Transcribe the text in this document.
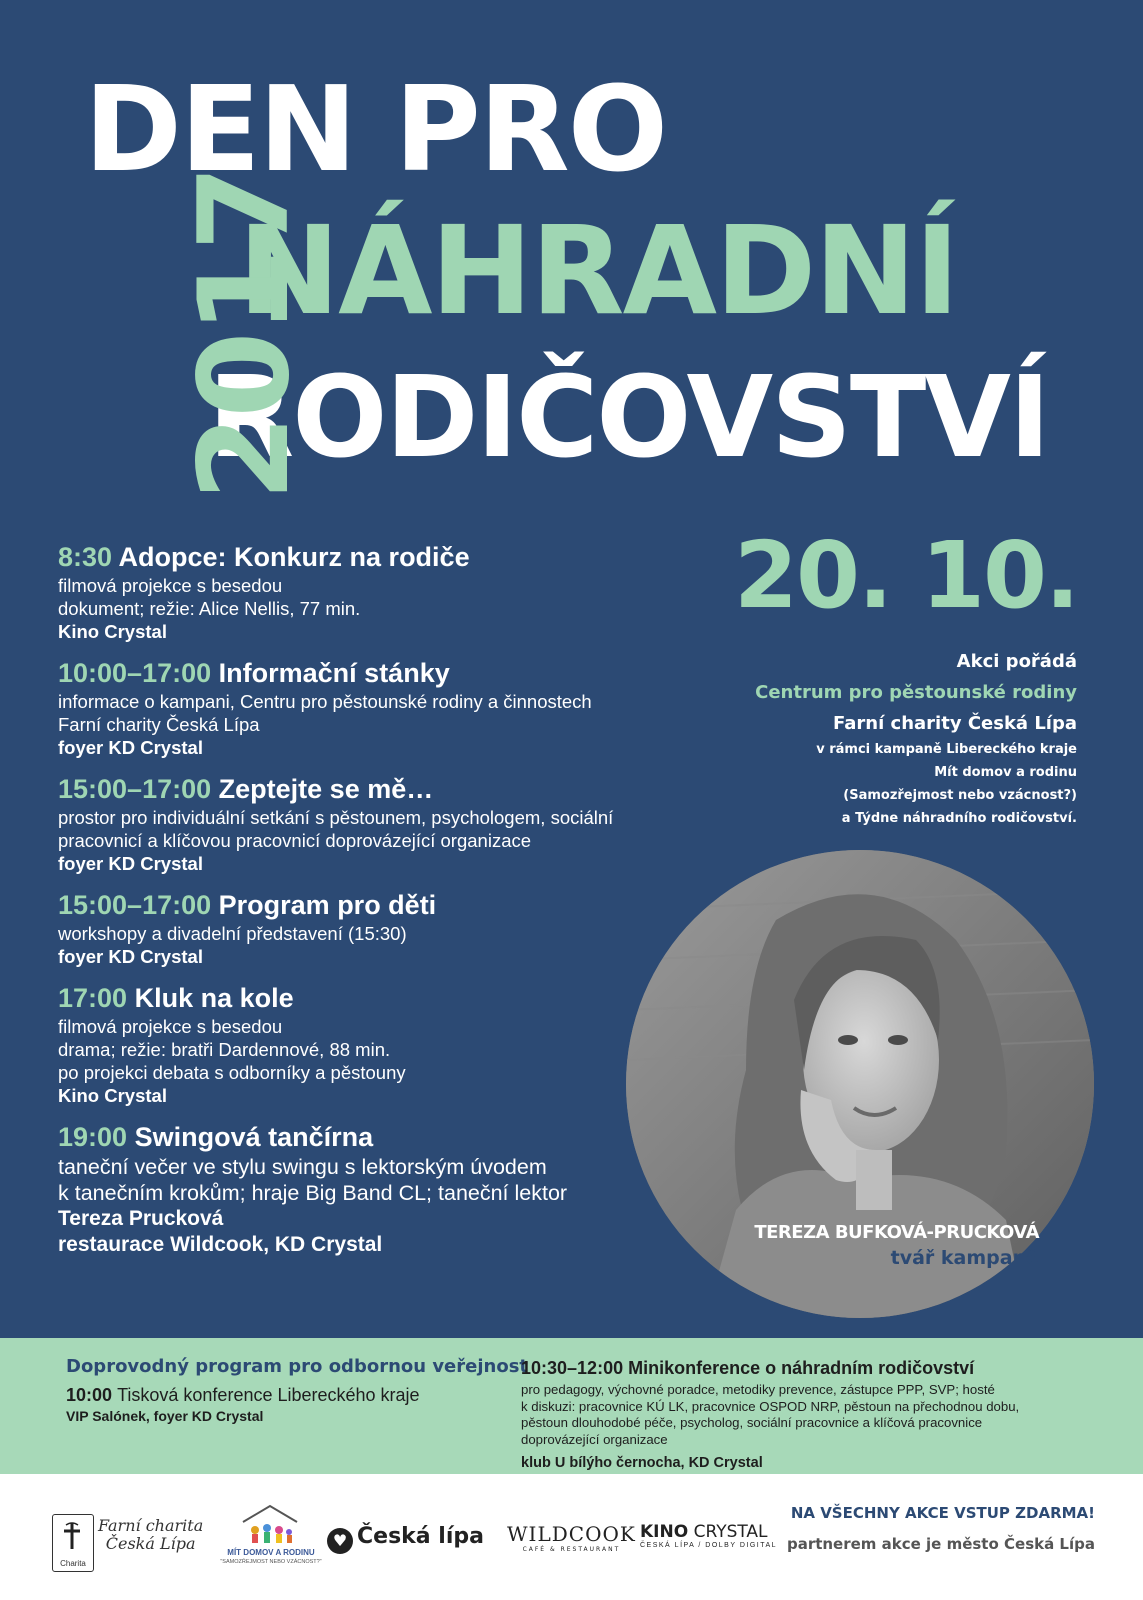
DEN PRO
NÁHRADNÍ
RODIČOVSTVÍ
2017
20. 10.
Akci pořádá
Centrum pro pěstounské rodiny
Farní charity Česká Lípa
v rámci kampaně Libereckého kraje
Mít domov a rodinu
(Samozřejmost nebo vzácnost?)
a Týdne náhradního rodičovství.
8:30 Adopce: Konkurz na rodiče
filmová projekce s besedou
dokument; režie: Alice Nellis, 77 min.
Kino Crystal
10:00–17:00 Informační stánky
informace o kampani, Centru pro pěstounské rodiny a činnostech
Farní charity Česká Lípa
foyer KD Crystal
15:00–17:00 Zeptejte se mě…
prostor pro individuální setkání s pěstounem, psychologem, sociální
pracovnicí a klíčovou pracovnicí doprovázející organizace
foyer KD Crystal
15:00–17:00 Program pro děti
workshopy a divadelní představení (15:30)
foyer KD Crystal
17:00 Kluk na kole
filmová projekce s besedou
drama; režie: bratři Dardennové, 88 min.
po projekci debata s odborníky a pěstouny
Kino Crystal
19:00 Swingová tančírna
taneční večer ve stylu swingu s lektorským úvodem
k tanečním krokům; hraje Big Band CL; taneční lektor
Tereza Prucková
restaurace Wildcook, KD Crystal
TEREZA BUFKOVÁ-PRUCKOVÁ
tvář kampaně
Doprovodný program pro odbornou veřejnost
10:00 Tisková konference Libereckého kraje
VIP Salónek, foyer KD Crystal
10:30–12:00 Minikonference o náhradním rodičovství
pro pedagogy, výchovné poradce, metodiky prevence, zástupce PPP, SVP; hosté
k diskuzi: pracovnice KÚ LK, pracovnice OSPOD NRP, pěstoun na přechodnou dobu,
pěstoun dlouhodobé péče, psycholog, sociální pracovnice a klíčová pracovnice
doprovázející organizace
klub U bílýho černocha, KD Crystal
Charita
Farní charita
Česká Lípa	MÍT DOMOV A RODINU
"SAMOZŘEJMOST NEBO VZÁCNOST?"
♥ Česká lípa WILDCOOK
CAFÉ & RESTAURANT
KINO CRYSTAL
ČESKÁ LÍPA / DOLBY DIGITAL
NA VŠECHNY AKCE VSTUP ZDARMA!
partnerem akce je město Česká Lípa
